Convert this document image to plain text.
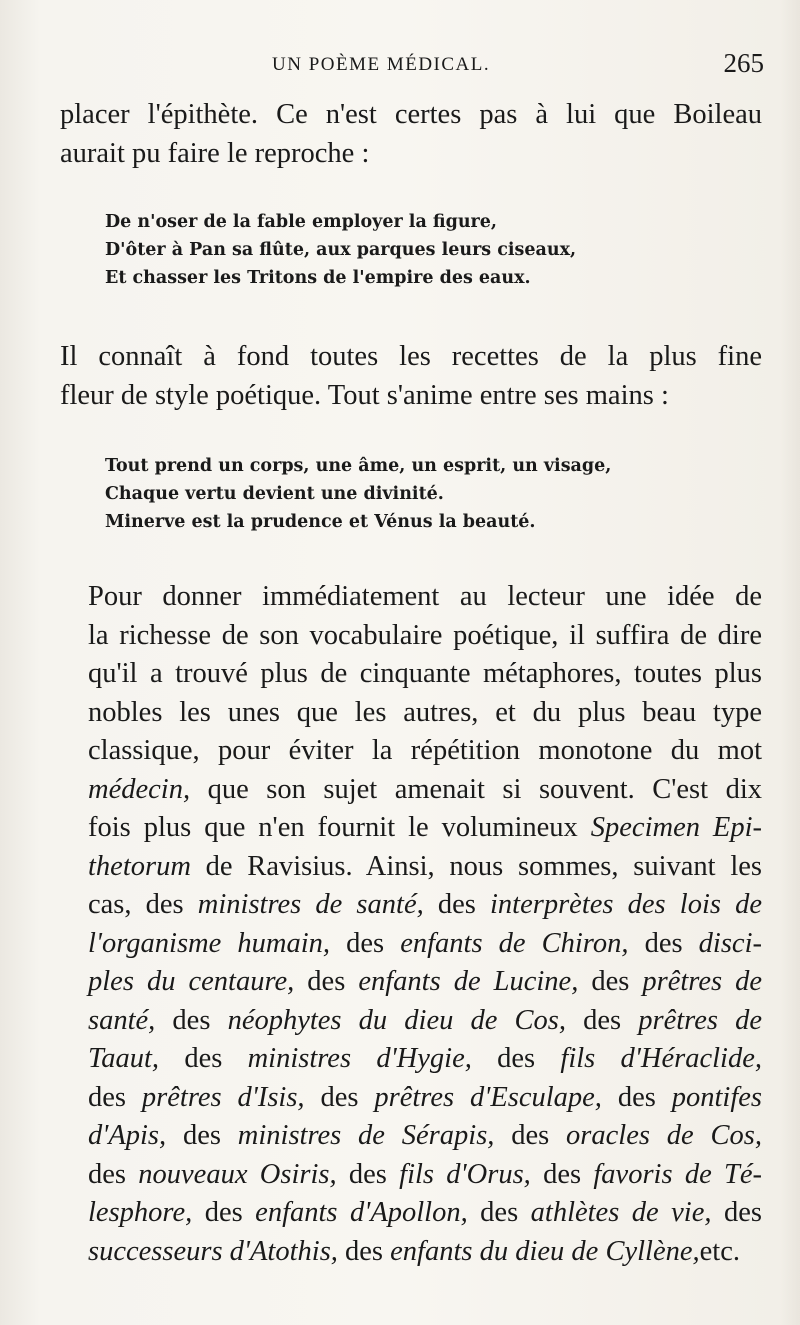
UN POÈME MÉDICAL.	265

placer l'épithète. Ce n'est certes pas à lui que Boileau
aurait pu faire le reproche :

De n'oser de la fable employer la figure,
D'ôter à Pan sa flûte, aux parques leurs ciseaux,
Et chasser les Tritons de l'empire des eaux.

Il connaît à fond toutes les recettes de la plus fine
fleur de style poétique. Tout s'anime entre ses mains :

Tout prend un corps, une âme, un esprit, un visage,
Chaque vertu devient une divinité.
Minerve est la prudence et Vénus la beauté.

Pour donner immédiatement au lecteur une idée de
la richesse de son vocabulaire poétique, il suffira de dire
qu'il a trouvé plus de cinquante métaphores, toutes plus
nobles les unes que les autres, et du plus beau type
classique, pour éviter la répétition monotone du mot
médecin, que son sujet amenait si souvent. C'est dix
fois plus que n'en fournit le volumineux Specimen Epi-
thetorum de Ravisius. Ainsi, nous sommes, suivant les
cas, des ministres de santé, des interprètes des lois de
l'organisme humain, des enfants de Chiron, des disci-
ples du centaure, des enfants de Lucine, des prêtres de
santé, des néophytes du dieu de Cos, des prêtres de
Taaut, des ministres d'Hygie, des fils d'Héraclide,
des prêtres d'Isis, des prêtres d'Esculape, des pontifes
d'Apis, des ministres de Sérapis, des oracles de Cos,
des nouveaux Osiris, des fils d'Orus, des favoris de Té-
lesphore, des enfants d'Apollon, des athlètes de vie, des
successeurs d'Atothis, des enfants du dieu de Cyllène,etc.
